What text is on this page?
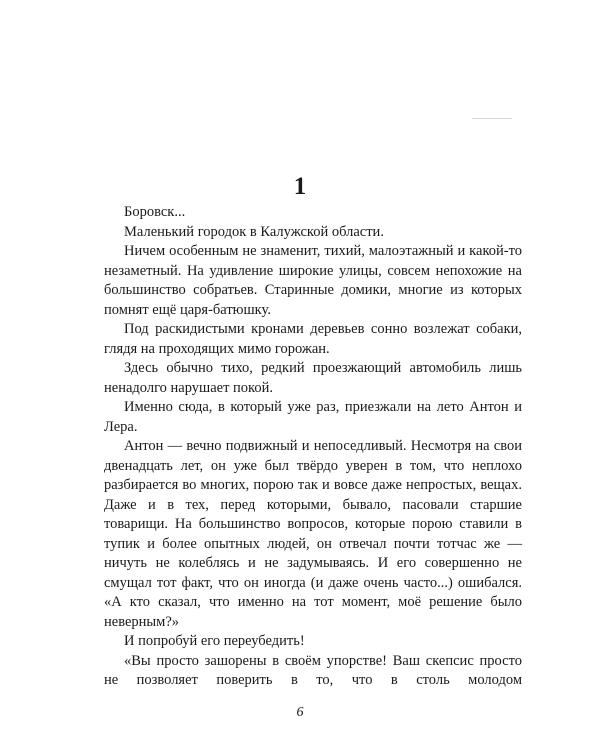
1

Боровск...

Маленький городок в Калужской области.

Ничем особенным не знаменит, тихий, малоэтажный и какой-то незаметный. На удивление широкие улицы, совсем непохожие на большинство собратьев. Старинные домики, многие из которых помнят ещё царя-батюшку.

Под раскидистыми кронами деревьев сонно возлежат собаки, глядя на проходящих мимо горожан.

Здесь обычно тихо, редкий проезжающий автомобиль лишь ненадолго нарушает покой.

Именно сюда, в который уже раз, приезжали на лето Антон и Лера.

Антон — вечно подвижный и непоседливый. Несмотря на свои двенадцать лет, он уже был твёрдо уверен в том, что неплохо разбирается во многих, порою так и вовсе даже непростых, вещах. Даже и в тех, перед которыми, бывало, пасовали старшие товарищи. На большинство вопросов, которые порою ставили в тупик и более опытных людей, он отвечал почти тотчас же — ничуть не колеблясь и не задумываясь. И его совершенно не смущал тот факт, что он иногда (и даже очень часто...) ошибался. «А кто сказал, что именно на тот момент, моё решение было неверным?»

И попробуй его переубедить!

«Вы просто зашорены в своём упорстве! Ваш скепсис просто не позволяет поверить в то, что в столь молодом

6
